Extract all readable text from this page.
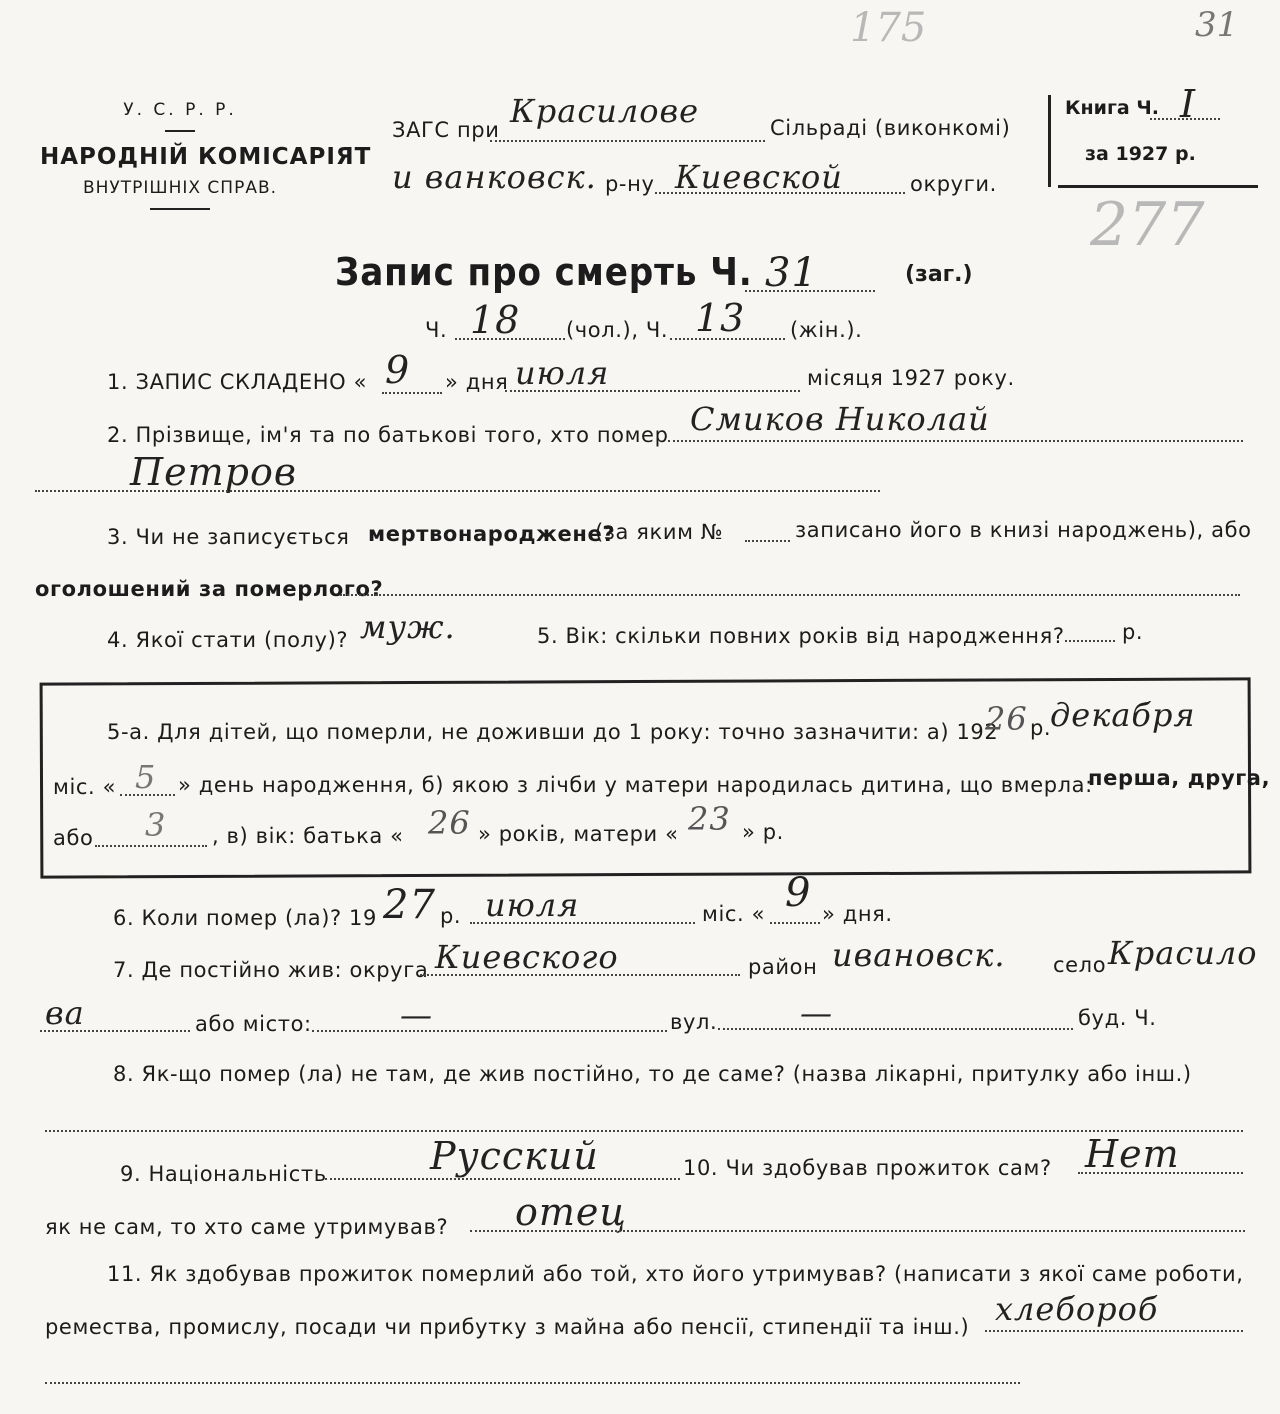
175	31
277
У. С. Р. Р.
НАРОДНІЙ КОМІСАРІЯТ
ВНУТРІШНІХ СПРАВ.
ЗАГС при Красилове	Сільраді (виконкомі)
и ванковск. р-ну Киевской	округи.
Книга Ч. I
за 1927 р.
Запис про смерть Ч. 31	(заг.)
Ч. 18 (чол.), Ч. 13 (жін.).
1. ЗАПИС СКЛАДЕНО « 9 » дня июля	місяця 1927 року.
2. Прізвище, ім'я та по батькові того, хто помер Смиков Николай
Петров
3. Чи не записується мертвонароджене?
(за яким №	записано його в книзі народжень), або
оголошений за померлого?
4. Якої стати (полу)? муж.	5. Вік: скільки повних років від народження?	р.
5-а. Для дітей, що померли, не доживши до 1 року: точно зазначити: а) 192
26 р.
декабря
міс. « 5 » день народження, б) якою з лічби у матери народилась дитина, що вмерла:
перша, друга,
або 3 , в) вік: батька « 26 » років, матери « 23 » р.
6. Коли помер (ла)? 19 27 р. июля	міс. « 9 » дня.
7. Де постійно жив: округа Киевского	район ивановск. село Красило
ва	або місто:	—	вул.	—	буд. Ч.
8. Як-що помер (ла) не там, де жив постійно, то де саме? (назва лікарні, притулку або інш.)
9. Національність	Русский	10. Чи здобував прожиток сам? Нет
як не сам, то хто саме утримував? отец
11. Як здобував прожиток померлий або той, хто його утримував? (написати з якої саме роботи,
ремества, промислу, посади чи прибутку з майна або пенсії, стипендії та інш.) хлебороб
